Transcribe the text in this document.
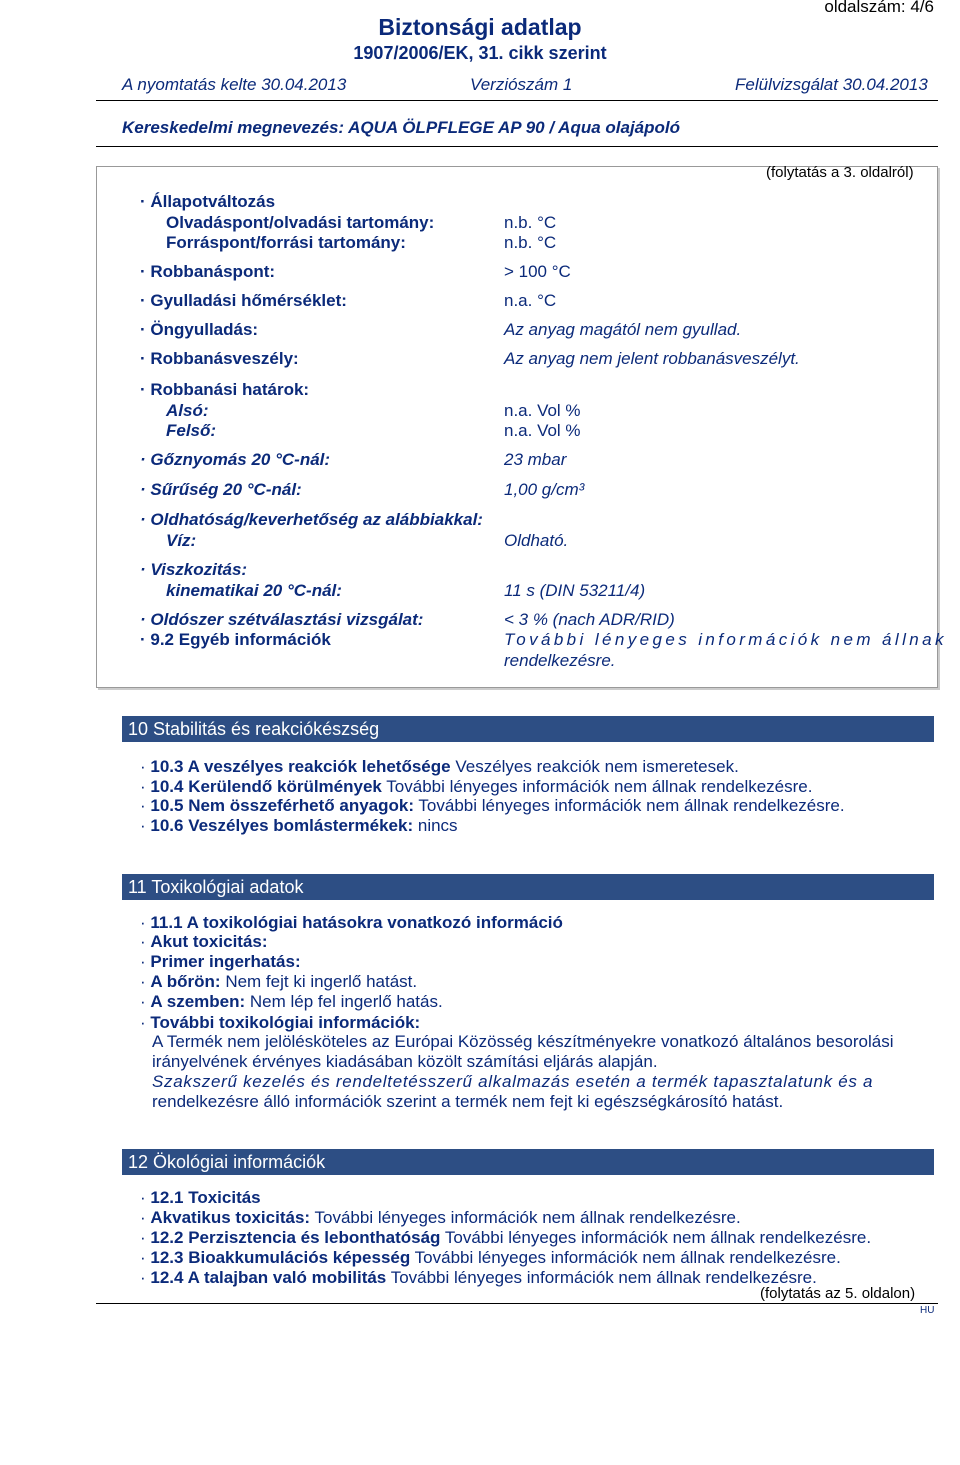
oldalszám: 4/6
Biztonsági adatlap
1907/2006/EK, 31. cikk szerint
A nyomtatás kelte 30.04.2013	Verziószám 1	Felülvizsgálat 30.04.2013
Kereskedelmi megnevezés: AQUA ÖLPFLEGE AP 90 / Aqua olajápoló
(folytatás a 3. oldalról)
· Állapotváltozás
Olvadáspont/olvadási tartomány:	n.b. °C
Forráspont/forrási tartomány:	n.b. °C
· Robbanáspont:	> 100 °C
· Gyulladási hőmérséklet:	n.a. °C
· Öngyulladás:	Az anyag magától nem gyullad.
· Robbanásveszély:	Az anyag nem jelent robbanásveszélyt.
· Robbanási határok:
Alsó:	n.a. Vol %
Felső:	n.a. Vol %
· Gőznyomás 20 °C-nál:	23 mbar
· Sűrűség 20 °C-nál:	1,00 g/cm³
· Oldhatóság/keverhetőség az alábbiakkal:
Víz:	Oldható.
· Viszkozitás:
kinematikai 20 °C-nál:	11 s (DIN 53211/4)
· Oldószer szétválasztási vizsgálat:	< 3 % (nach ADR/RID)
· 9.2 Egyéb információk	További lényeges információk nem állnak
rendelkezésre.
10 Stabilitás és reakciókészség
· 10.3 A veszélyes reakciók lehetősége Veszélyes reakciók nem ismeretesek.
· 10.4 Kerülendő körülmények További lényeges információk nem állnak rendelkezésre.
· 10.5 Nem összeférhető anyagok: További lényeges információk nem állnak rendelkezésre.
· 10.6 Veszélyes bomlástermékek: nincs
11 Toxikológiai adatok
· 11.1 A toxikológiai hatásokra vonatkozó információ
· Akut toxicitás:
· Primer ingerhatás:
· A bőrön: Nem fejt ki ingerlő hatást.
· A szemben: Nem lép fel ingerlő hatás.
· További toxikológiai információk:
A Termék nem jelölésköteles az Európai Közösség készítményekre vonatkozó általános besorolási
irányelvének érvényes kiadásában közölt számítási eljárás alapján.
Szakszerű kezelés és rendeltetésszerű alkalmazás esetén a termék tapasztalatunk és a
rendelkezésre álló információk szerint a termék nem fejt ki egészségkárosító hatást.
12 Ökológiai információk
· 12.1 Toxicitás
· Akvatikus toxicitás: További lényeges információk nem állnak rendelkezésre.
· 12.2 Perzisztencia és lebonthatóság További lényeges információk nem állnak rendelkezésre.
· 12.3 Bioakkumulációs képesség További lényeges információk nem állnak rendelkezésre.
· 12.4 A talajban való mobilitás További lényeges információk nem állnak rendelkezésre.
(folytatás az 5. oldalon)
HU
